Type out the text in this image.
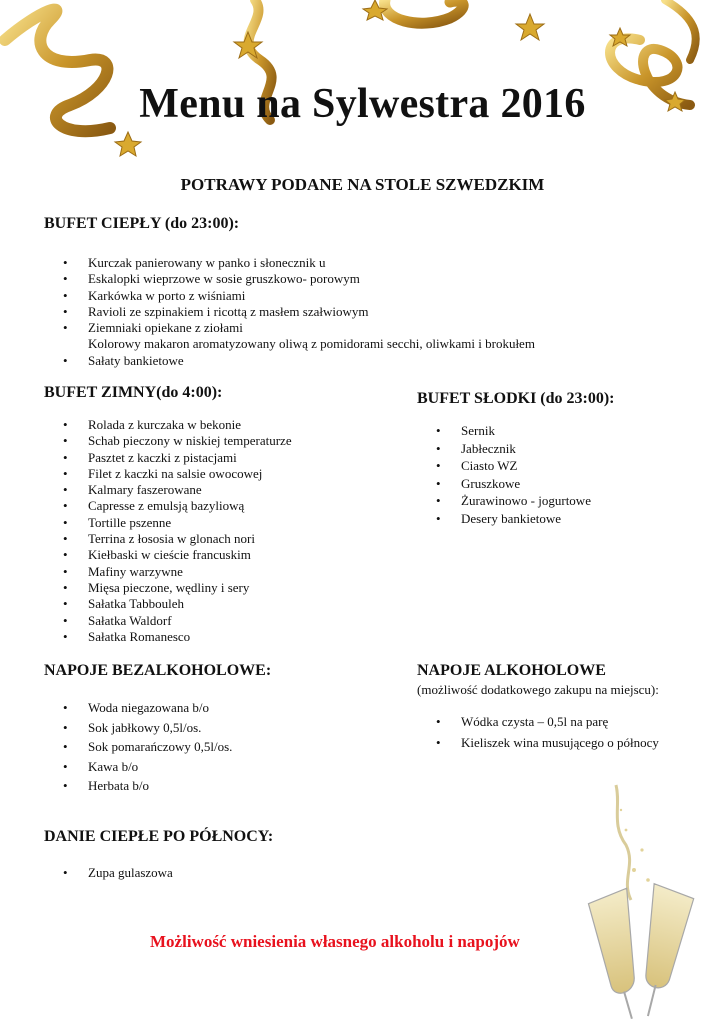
Menu na Sylwestra 2016
POTRAWY PODANE NA STOLE SZWEDZKIM
BUFET CIEPŁY (do 23:00):
• Kurczak panierowany w panko i słonecznik u
• Eskalopki wieprzowe w sosie gruszkowo- porowym
• Karkówka w porto z wiśniami
• Ravioli ze szpinakiem i ricottą z masłem szałwiowym
• Ziemniaki opiekane z ziołami
Kolorowy makaron aromatyzowany oliwą z pomidorami secchi, oliwkami i brokułem
• Sałaty bankietowe
BUFET ZIMNY(do 4:00):
• Rolada z kurczaka w bekonie
• Schab pieczony w niskiej temperaturze
• Pasztet z kaczki z pistacjami
• Filet z kaczki na salsie owocowej
• Kalmary faszerowane
• Capresse z emulsją bazyliową
• Tortille pszenne
• Terrina z łososia w glonach nori
• Kiełbaski w cieście francuskim
• Mafiny warzywne
• Mięsa pieczone, wędliny i sery
• Sałatka Tabbouleh
• Sałatka Waldorf
• Sałatka Romanesco
BUFET SŁODKI (do 23:00):
• Sernik
• Jabłecznik
• Ciasto WZ
• Gruszkowe
• Żurawinowo - jogurtowe
• Desery bankietowe
NAPOJE BEZALKOHOLOWE:
• Woda niegazowana b/o
• Sok jabłkowy 0,5l/os.
• Sok pomarańczowy 0,5l/os.
• Kawa b/o
• Herbata b/o
NAPOJE ALKOHOLOWE
(możliwość dodatkowego zakupu na miejscu):
• Wódka czysta – 0,5l na parę
• Kieliszek wina musującego o północy
DANIE CIEPŁE PO PÓŁNOCY:
• Zupa gulaszowa
Możliwość wniesienia własnego alkoholu i napojów
